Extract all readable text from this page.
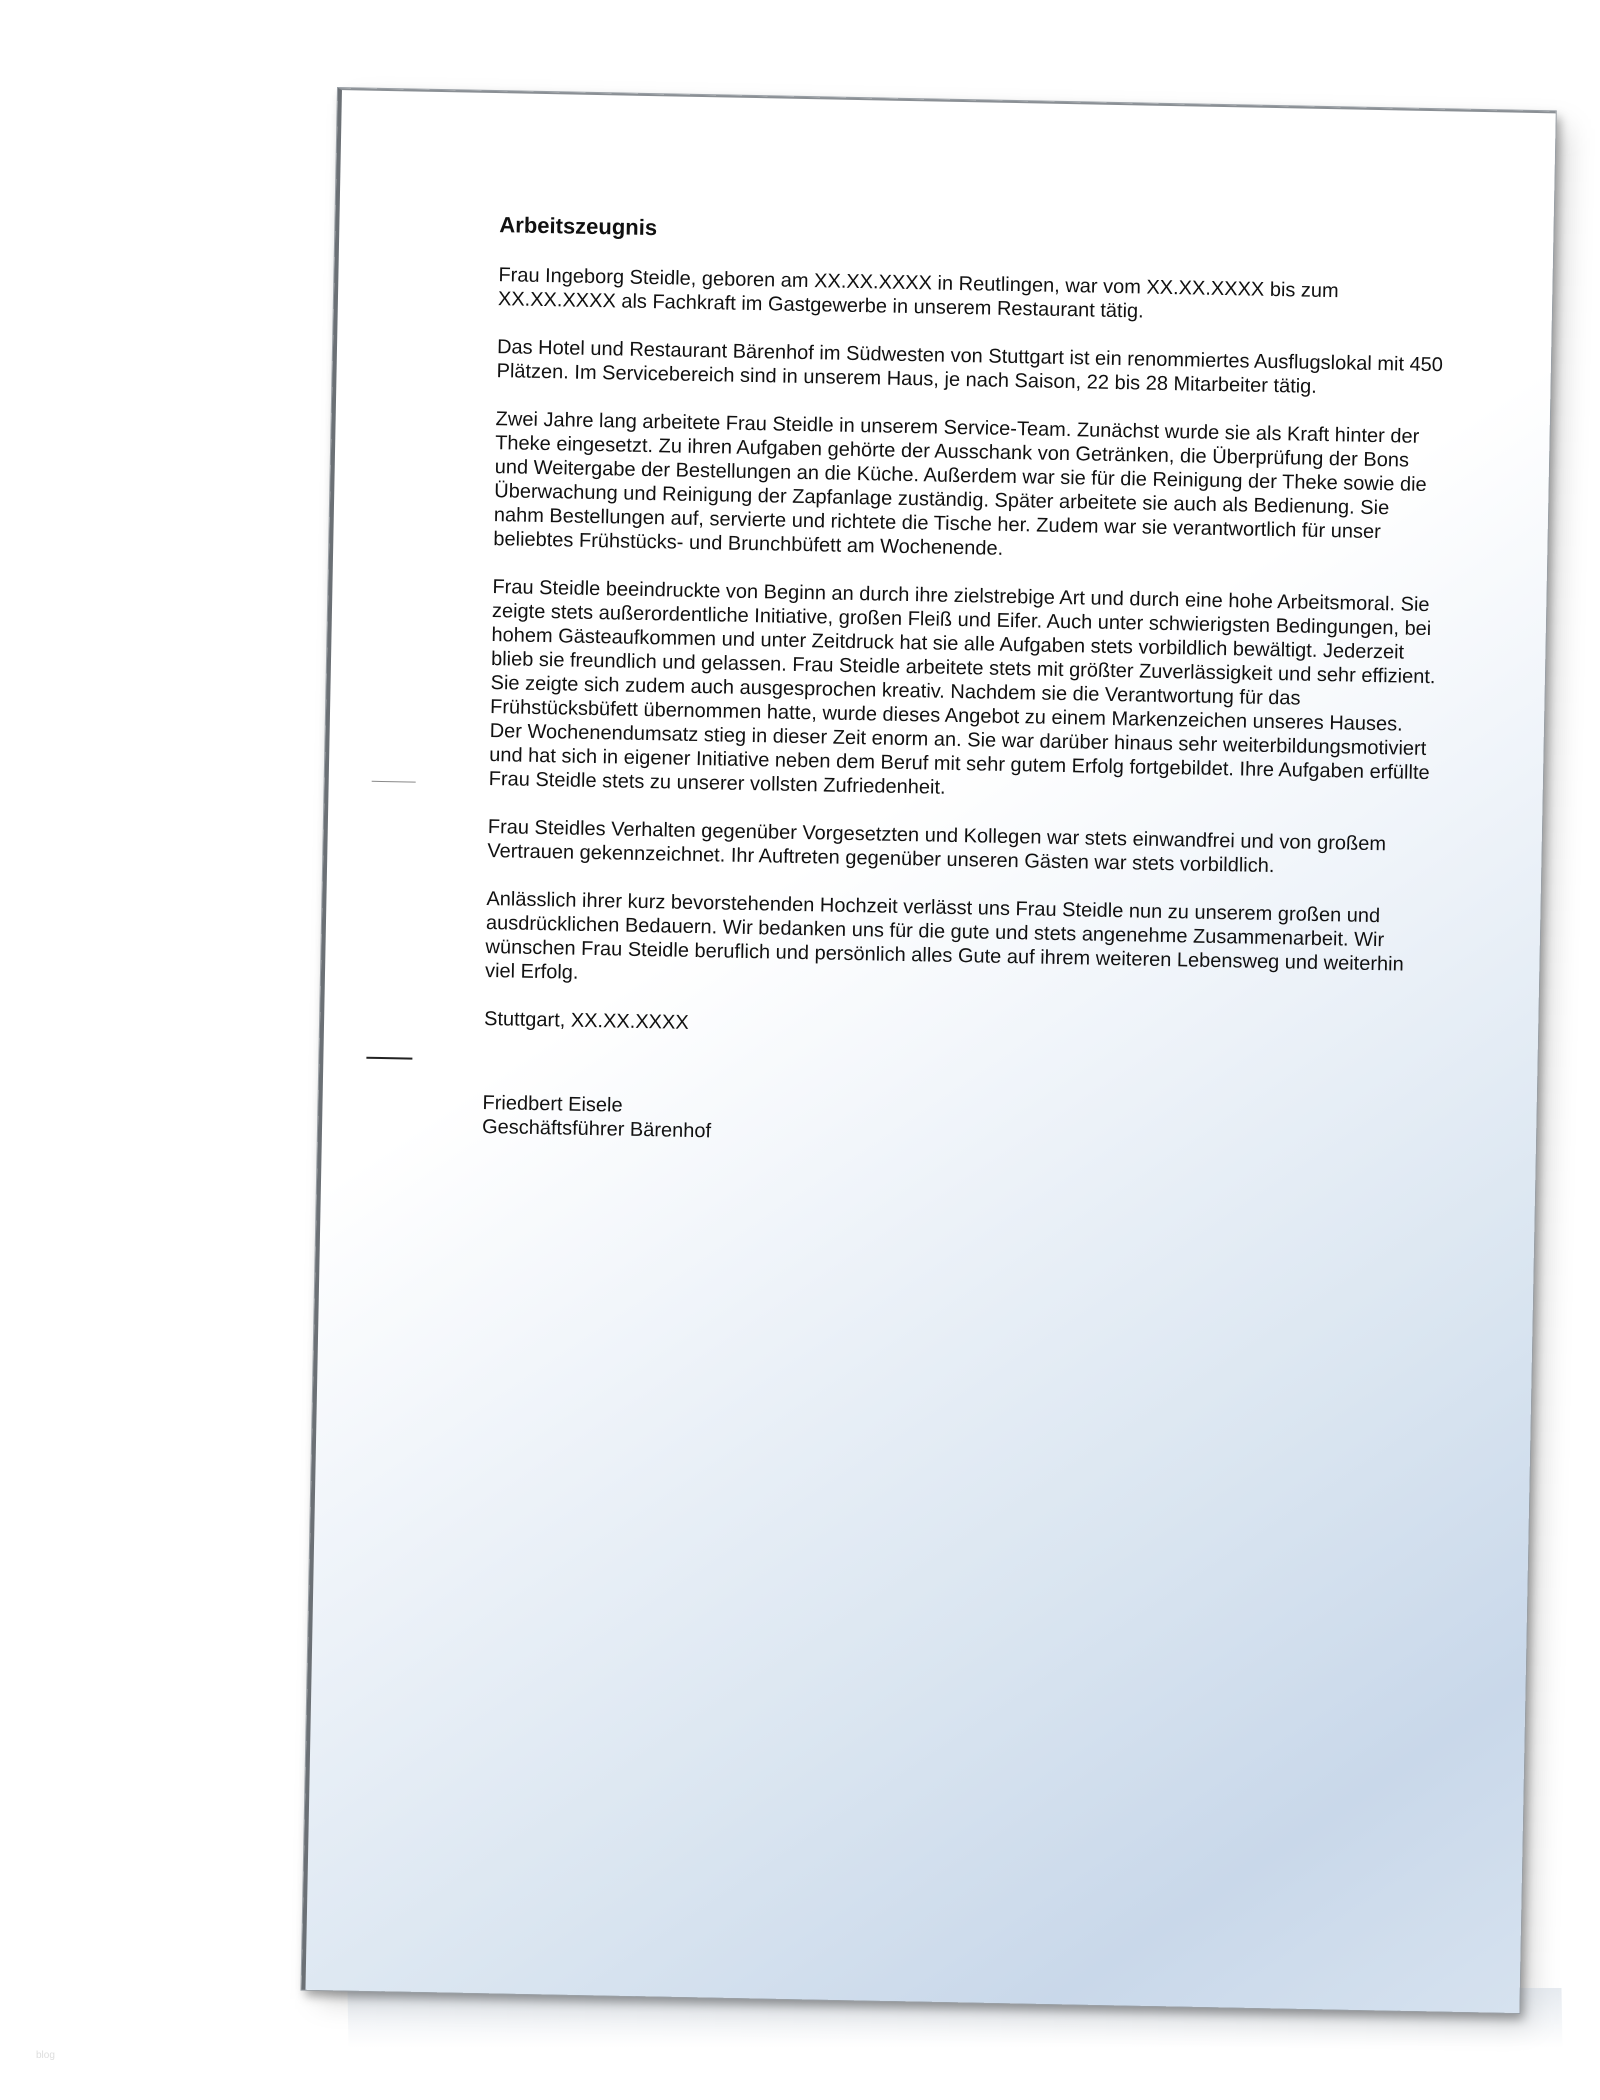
Arbeitszeugnis

Frau Ingeborg Steidle, geboren am XX.XX.XXXX in Reutlingen, war vom XX.XX.XXXX bis zum XX.XX.XXXX als Fachkraft im Gastgewerbe in unserem Restaurant tätig.

Das Hotel und Restaurant Bärenhof im Südwesten von Stuttgart ist ein renommiertes Ausflugslokal mit 450 Plätzen. Im Servicebereich sind in unserem Haus, je nach Saison, 22 bis 28 Mitarbeiter tätig.

Zwei Jahre lang arbeitete Frau Steidle in unserem Service-Team. Zunächst wurde sie als Kraft hinter der Theke eingesetzt. Zu ihren Aufgaben gehörte der Ausschank von Getränken, die Überprüfung der Bons und Weitergabe der Bestellungen an die Küche. Außerdem war sie für die Reinigung der Theke sowie die Überwachung und Reinigung der Zapfanlage zuständig. Später arbeitete sie auch als Bedienung. Sie nahm Bestellungen auf, servierte und richtete die Tische her. Zudem war sie verantwortlich für unser beliebtes Frühstücks- und Brunchbüfett am Wochenende.

Frau Steidle beeindruckte von Beginn an durch ihre zielstrebige Art und durch eine hohe Arbeitsmoral. Sie zeigte stets außerordentliche Initiative, großen Fleiß und Eifer. Auch unter schwierigsten Bedingungen, bei hohem Gästeaufkommen und unter Zeitdruck hat sie alle Aufgaben stets vorbildlich bewältigt. Jederzeit blieb sie freundlich und gelassen. Frau Steidle arbeitete stets mit größter Zuverlässigkeit und sehr effizient. Sie zeigte sich zudem auch ausgesprochen kreativ. Nachdem sie die Verantwortung für das Frühstücksbüfett übernommen hatte, wurde dieses Angebot zu einem Markenzeichen unseres Hauses. Der Wochenendumsatz stieg in dieser Zeit enorm an. Sie war darüber hinaus sehr weiterbildungsmotiviert und hat sich in eigener Initiative neben dem Beruf mit sehr gutem Erfolg fortgebildet. Ihre Aufgaben erfüllte Frau Steidle stets zu unserer vollsten Zufriedenheit.

Frau Steidles Verhalten gegenüber Vorgesetzten und Kollegen war stets einwandfrei und von großem Vertrauen gekennzeichnet. Ihr Auftreten gegenüber unseren Gästen war stets vorbildlich.

Anlässlich ihrer kurz bevorstehenden Hochzeit verlässt uns Frau Steidle nun zu unserem großen und ausdrücklichen Bedauern. Wir bedanken uns für die gute und stets angenehme Zusammenarbeit. Wir wünschen Frau Steidle beruflich und persönlich alles Gute auf ihrem weiteren Lebensweg und weiterhin viel Erfolg.

Stuttgart, XX.XX.XXXX

Friedbert Eisele
Geschäftsführer Bärenhof
blog
